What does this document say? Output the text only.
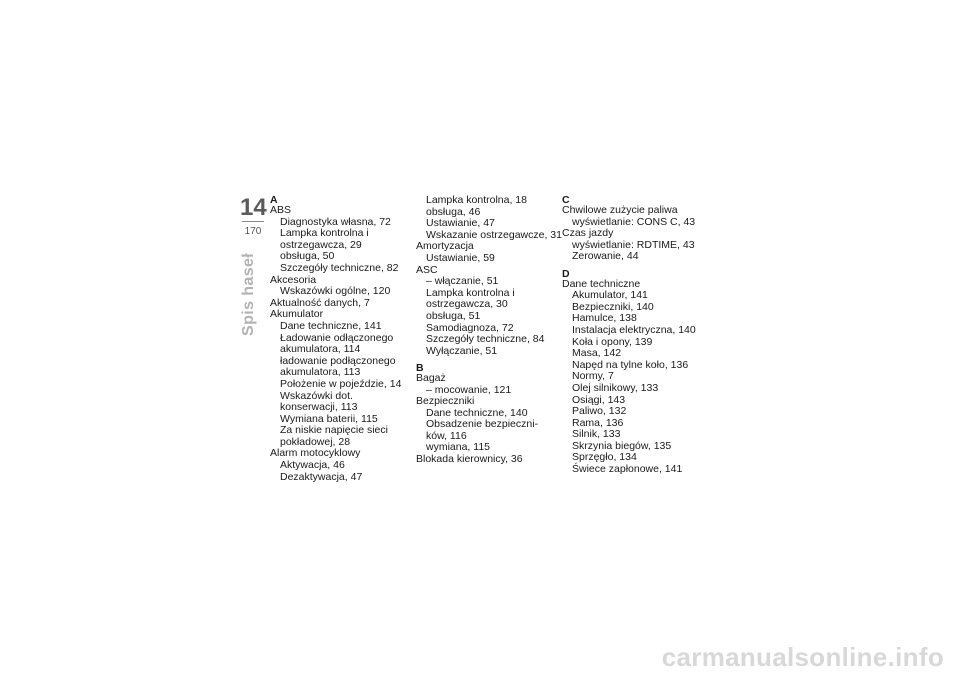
14
170
Spis haseł
A
ABS
Diagnostyka własna, 72
Lampka kontrolna i
ostrzegawcza, 29
obsługa, 50
Szczegóły techniczne, 82
Akcesoria
Wskazówki ogólne, 120
Aktualność danych, 7
Akumulator
Dane techniczne, 141
Ładowanie odłączonego
akumulatora, 114
ładowanie podłączonego
akumulatora, 113
Położenie w pojeździe, 14
Wskazówki dot.
konserwacji, 113
Wymiana baterii, 115
Za niskie napięcie sieci
pokładowej, 28
Alarm motocyklowy
Aktywacja, 46
Dezaktywacja, 47
Lampka kontrolna, 18
obsługa, 46
Ustawianie, 47
Wskazanie ostrzegawcze, 31
Amortyzacja
Ustawianie, 59
ASC
– włączanie, 51
Lampka kontrolna i
ostrzegawcza, 30
obsługa, 51
Samodiagnoza, 72
Szczegóły techniczne, 84
Wyłączanie, 51
B
Bagaż
– mocowanie, 121
Bezpieczniki
Dane techniczne, 140
Obsadzenie bezpieczni-
ków, 116
wymiana, 115
Blokada kierownicy, 36
C
Chwilowe zużycie paliwa
wyświetlanie: CONS C, 43
Czas jazdy
wyświetlanie: RDTIME, 43
Zerowanie, 44
D
Dane techniczne
Akumulator, 141
Bezpieczniki, 140
Hamulce, 138
Instalacja elektryczna, 140
Koła i opony, 139
Masa, 142
Napęd na tylne koło, 136
Normy, 7
Olej silnikowy, 133
Osiągi, 143
Paliwo, 132
Rama, 136
Silnik, 133
Skrzynia biegów, 135
Sprzęgło, 134
Świece zapłonowe, 141
carmanualsonline.info
